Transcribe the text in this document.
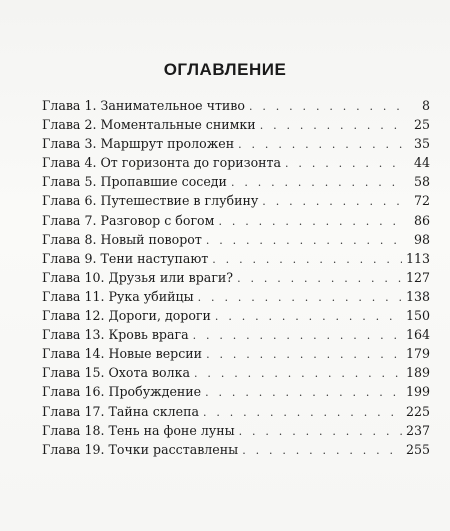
ОГЛАВЛЕНИЕ
Глава 1. Занимательное чтиво . . .	8
Глава 2. Моментальные снимки . . .	25
Глава 3. Маршрут проложен . . .	35
Глава 4. От горизонта до горизонта . . .	44
Глава 5. Пропавшие соседи . . .	58
Глава 6. Путешествие в глубину . . .	72
Глава 7. Разговор с богом . . .	86
Глава 8. Новый поворот . . .	98
Глава 9. Тени наступают . . .	113
Глава 10. Друзья или враги? . . .	127
Глава 11. Рука убийцы . . .	138
Глава 12. Дороги, дороги . . .	150
Глава 13. Кровь врага . . .	164
Глава 14. Новые версии . . .	179
Глава 15. Охота волка . . .	189
Глава 16. Пробуждение . . .	199
Глава 17. Тайна склепа . . .	225
Глава 18. Тень на фоне луны . . .	237
Глава 19. Точки расставлены . . .	255
